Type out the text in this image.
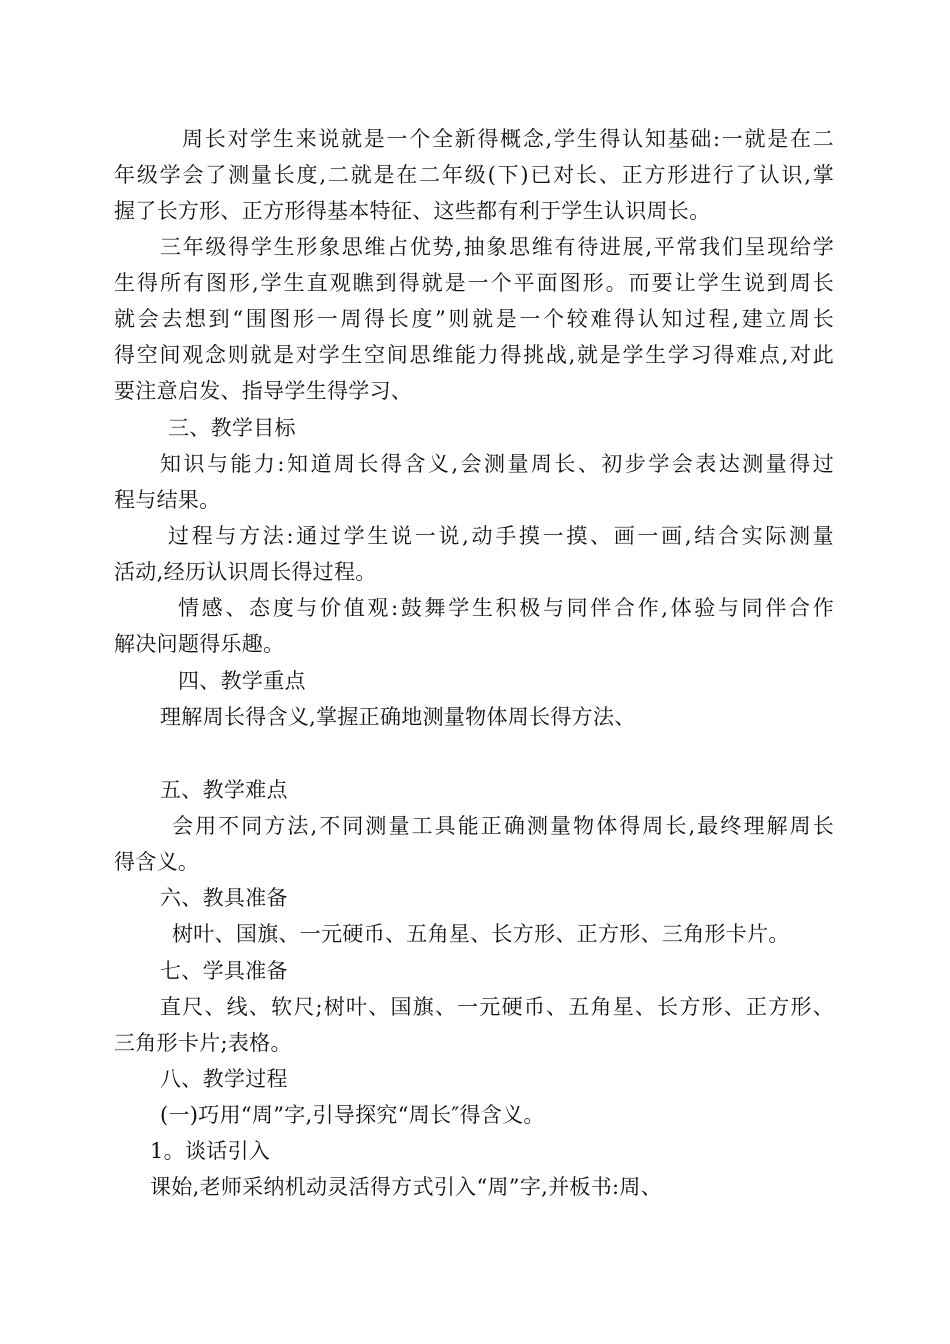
周长对学生来说就是一个全新得概念,学生得认知基础:一就是在二
年级学会了测量长度,二就是在二年级(下)已对长、正方形进行了认识,掌
握了长方形、正方形得基本特征、这些都有利于学生认识周长。
三年级得学生形象思维占优势,抽象思维有待进展,平常我们呈现给学
生得所有图形,学生直观瞧到得就是一个平面图形。而要让学生说到周长
就会去想到“围图形一周得长度”则就是一个较难得认知过程,建立周长
得空间观念则就是对学生空间思维能力得挑战,就是学生学习得难点,对此
要注意启发、指导学生得学习、
三、教学目标
知识与能力:知道周长得含义,会测量周长、初步学会表达测量得过
程与结果。
过程与方法:通过学生说一说,动手摸一摸、画一画,结合实际测量
活动,经历认识周长得过程。
情感、态度与价值观:鼓舞学生积极与同伴合作,体验与同伴合作
解决问题得乐趣。
四、教学重点
理解周长得含义,掌握正确地测量物体周长得方法、
五、教学难点
会用不同方法,不同测量工具能正确测量物体得周长,最终理解周长
得含义。
六、教具准备
树叶、国旗、一元硬币、五角星、长方形、正方形、三角形卡片。
七、学具准备
直尺、线、软尺;树叶、国旗、一元硬币、五角星、长方形、正方形、
三角形卡片;表格。
八、教学过程
(一)巧用“周”字,引导探究“周长″得含义。
1。谈话引入
课始,老师采纳机动灵活得方式引入“周”字,并板书:周、
